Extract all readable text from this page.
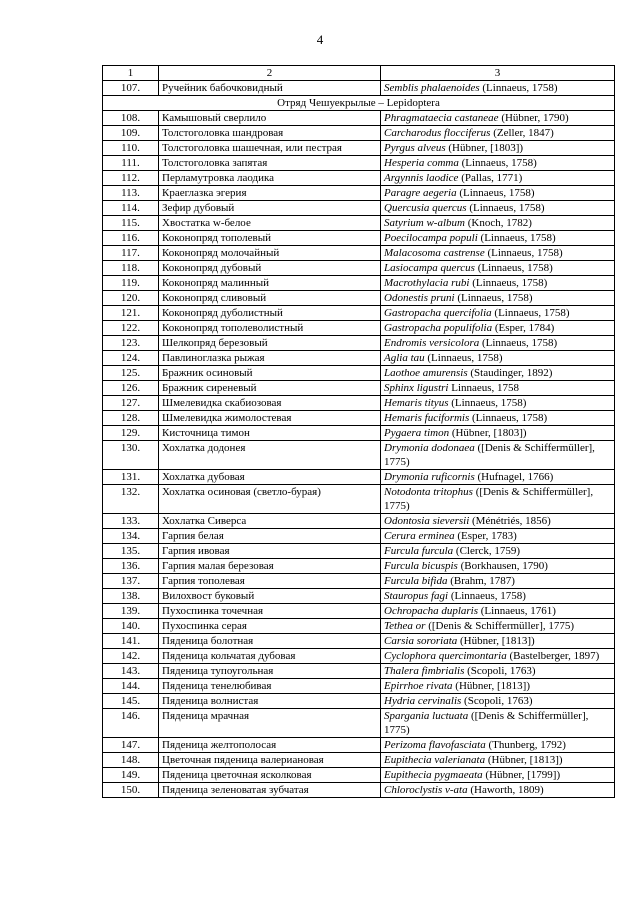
4
1	2	3
107.	Ручейник бабочковидный	Semblis phalaenoides (Linnaeus, 1758)
Отряд Чешуекрылые – Lepidoptera		
108.	Камышовый сверлило	Phragmataecia castaneae (Hübner, 1790)
109.	Толстоголовка шандровая	Carcharodus flocciferus (Zeller, 1847)
110.	Толстоголовка шашечная, или пестрая	Pyrgus alveus (Hübner, [1803])
111.	Толстоголовка запятая	Hesperia comma (Linnaeus, 1758)
112.	Перламутровка лаодика	Argynnis laodice (Pallas, 1771)
113.	Краеглазка эгерия	Paragre aegeria (Linnaeus, 1758)
114.	Зефир дубовый	Quercusia quercus (Linnaeus, 1758)
115.	Хвостатка w-белое	Satyrium w-album (Knoch, 1782)
116.	Коконопряд тополевый	Poecilocampa populi (Linnaeus, 1758)
117.	Коконопряд молочайный	Malacosoma castrense (Linnaeus, 1758)
118.	Коконопряд дубовый	Lasiocampa quercus (Linnaeus, 1758)
119.	Коконопряд малинный	Macrothylacia rubi (Linnaeus, 1758)
120.	Коконопряд сливовый	Odonestis pruni (Linnaeus, 1758)
121.	Коконопряд дуболистный	Gastropacha quercifolia (Linnaeus, 1758)
122.	Коконопряд тополеволистный	Gastropacha populifolia (Esper, 1784)
123.	Шелкопряд березовый	Endromis versicolora (Linnaeus, 1758)
124.	Павлиноглазка рыжая	Aglia tau (Linnaeus, 1758)
125.	Бражник осиновый	Laothoe amurensis (Staudinger, 1892)
126.	Бражник сиреневый	Sphinx ligustri Linnaeus, 1758
127.	Шмелевидка скабиозовая	Hemaris tityus (Linnaeus, 1758)
128.	Шмелевидка жимолостевая	Hemaris fuciformis (Linnaeus, 1758)
129.	Кисточница тимон	Pygaera timon (Hübner, [1803])
130.	Хохлатка додонея	Drymonia dodonaea ([Denis & Schiffermüller], 1775)
131.	Хохлатка дубовая	Drymonia ruficornis (Hufnagel, 1766)
132.	Хохлатка осиновая (светло-бурая)	Notodonta tritophus ([Denis & Schiffermüller], 1775)
133.	Хохлатка Сиверса	Odontosia sieversii (Ménétriés, 1856)
134.	Гарпия белая	Cerura erminea (Esper, 1783)
135.	Гарпия ивовая	Furcula furcula (Clerck, 1759)
136.	Гарпия малая березовая	Furcula bicuspis (Borkhausen, 1790)
137.	Гарпия тополевая	Furcula bifida (Brahm, 1787)
138.	Вилохвост буковый	Stauropus fagi (Linnaeus, 1758)
139.	Пухоспинка точечная	Ochropacha duplaris (Linnaeus, 1761)
140.	Пухоспинка серая	Tethea or ([Denis & Schiffermüller], 1775)
141.	Пяденица болотная	Carsia sororiata (Hübner, [1813])
142.	Пяденица кольчатая дубовая	Cyclophora quercimontaria (Bastelberger, 1897)
143.	Пяденица тупоугольная	Thalera fimbrialis (Scopoli, 1763)
144.	Пяденица тенелюбивая	Epirrhoe rivata (Hübner, [1813])
145.	Пяденица волнистая	Hydria cervinalis (Scopoli, 1763)
146.	Пяденица мрачная	Spargania luctuata ([Denis & Schiffermüller], 1775)
147.	Пяденица желтополосая	Perizoma flavofasciata (Thunberg, 1792)
148.	Цветочная пяденица валериановая	Eupithecia valerianata (Hübner, [1813])
149.	Пяденица цветочная ясколковая	Eupithecia pygmaeata (Hübner, [1799])
150.	Пяденица зеленоватая зубчатая	Chloroclystis v-ata (Haworth, 1809)
